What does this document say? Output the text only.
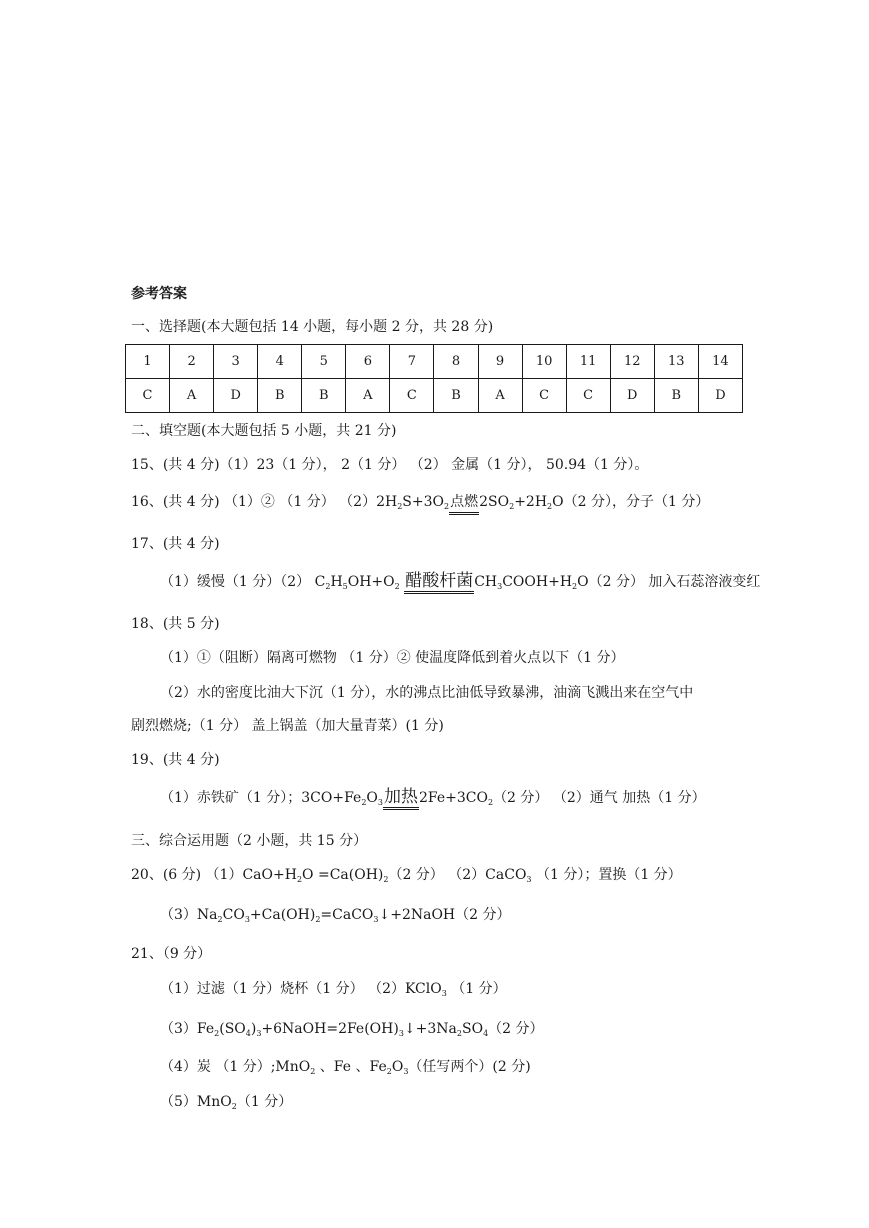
参考答案
一、选择题(本大题包括 14 小题，每小题 2 分，共 28 分)
1	2	3	4	5	6	7	8	9	10	11	12	13	14
C	A	D	B	B	A	C	B	A	C	C	D	B	D
二、填空题(本大题包括 5 小题，共 21 分)
15、(共 4 分)（1）23（1 分）， 2（1 分） （2） 金属（1 分）， 50.94（1 分）。
16、(共 4 分) （1）② （1 分） $(2)2H_2S+3O_2$点燃$2SO_2+2H_2O(2$ 分），分子（1 分）
17、(共 4 分)
（1）缓慢（1 分）（2） $C_2H_5OH+O_2$ 醋酸杆菌$CH_3COOH+H_2O(2$ 分） 加入石蕊溶液变红
18、(共 5 分)
（1）①（阻断）隔离可燃物 （1 分）② 使温度降低到着火点以下（1 分）
（2）水的密度比油大下沉（1 分），水的沸点比油低导致暴沸，油滴飞溅出来在空气中
剧烈燃烧;（1 分） 盖上锅盖（加大量青菜）(1 分)
19、(共 4 分)
（1）赤铁矿（1 分）；$3CO+Fe_2O_3$加热$2Fe+3CO_2(2$ 分） （2）通气 加热（1 分）
三、综合运用题（2 小题，共 15 分）
20、(6 分) $(1)CaO+H_2O =Ca(OH)_2(2$ 分） （2）CaCO$_3$ （1 分）；置换（1 分）
$(3)Na_2CO_3+Ca(OH)_2=CaCO_3↓+2NaOH(2$ 分）
21、（9 分）
（1）过滤（1 分）烧杯（1 分） （2）KClO$_3$ （1 分）
$(3)Fe_2(SO_4)_3+6NaOH=2Fe(OH)_3↓+3Na_2SO_4(2$ 分）
（4）炭 （1 分）;MnO$_2$ 、Fe 、$Fe_2O_3$（任写两个）(2 分)
（5）MnO$_2$（1 分）
